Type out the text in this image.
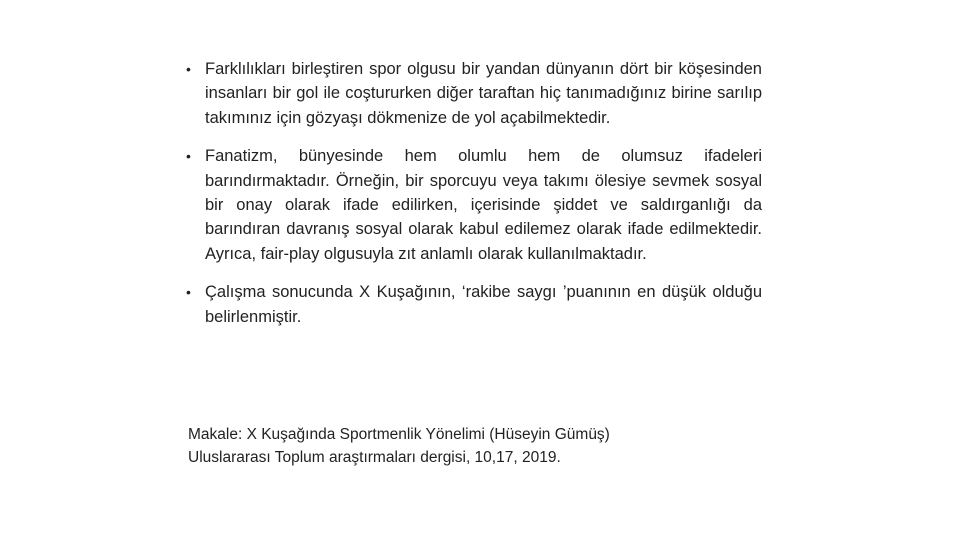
• Farklılıkları birleştiren spor olgusu bir yandan dünyanın dört bir köşesinden insanları bir gol ile coştururken diğer taraftan hiç tanımadığınız birine sarılıp takımınız için gözyaşı dökmenize de yol açabilmektedir.
• Fanatizm, bünyesinde hem olumlu hem de olumsuz ifadeleri barındırmaktadır. Örneğin, bir sporcuyu veya takımı ölesiye sevmek sosyal bir onay olarak ifade edilirken, içerisinde şiddet ve saldırganlığı da barındıran davranış sosyal olarak kabul edilemez olarak ifade edilmektedir. Ayrıca, fair-play olgusuyla zıt anlamlı olarak kullanılmaktadır.
• Çalışma sonucunda X Kuşağının, ‘rakibe saygı ’puanının en düşük olduğu belirlenmiştir.
Makale: X Kuşağında Sportmenlik Yönelimi (Hüseyin Gümüş)
Uluslararası Toplum araştırmaları dergisi, 10,17, 2019.
